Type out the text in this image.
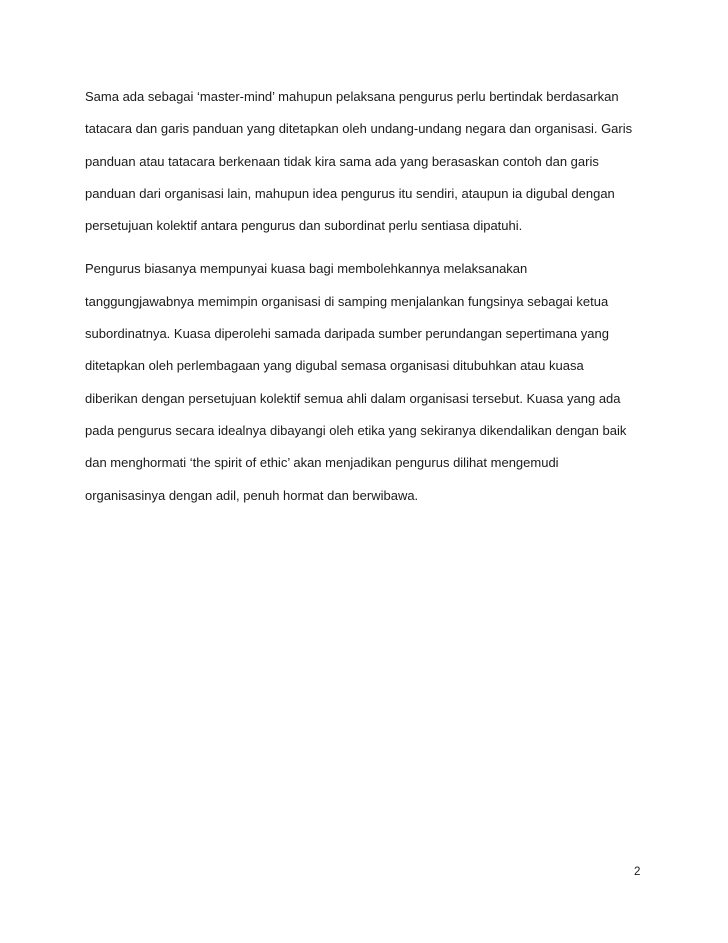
Sama ada sebagai ‘master-mind’ mahupun pelaksana pengurus perlu bertindak berdasarkan
tatacara dan garis panduan yang ditetapkan oleh undang-undang negara dan organisasi. Garis
panduan atau tatacara berkenaan tidak kira sama ada yang berasaskan contoh dan garis
panduan dari organisasi lain, mahupun idea pengurus itu sendiri, ataupun ia digubal dengan
persetujuan kolektif antara pengurus dan subordinat perlu sentiasa dipatuhi.
Pengurus biasanya mempunyai kuasa bagi membolehkannya melaksanakan
tanggungjawabnya memimpin organisasi di samping menjalankan fungsinya sebagai ketua
subordinatnya. Kuasa diperolehi samada daripada sumber perundangan sepertimana yang
ditetapkan oleh perlembagaan yang digubal semasa organisasi ditubuhkan atau kuasa
diberikan dengan persetujuan kolektif semua ahli dalam organisasi tersebut. Kuasa yang ada
pada pengurus secara idealnya dibayangi oleh etika yang sekiranya dikendalikan dengan baik
dan menghormati ‘the spirit of ethic’ akan menjadikan pengurus dilihat mengemudi
organisasinya dengan adil, penuh hormat dan berwibawa.
2
